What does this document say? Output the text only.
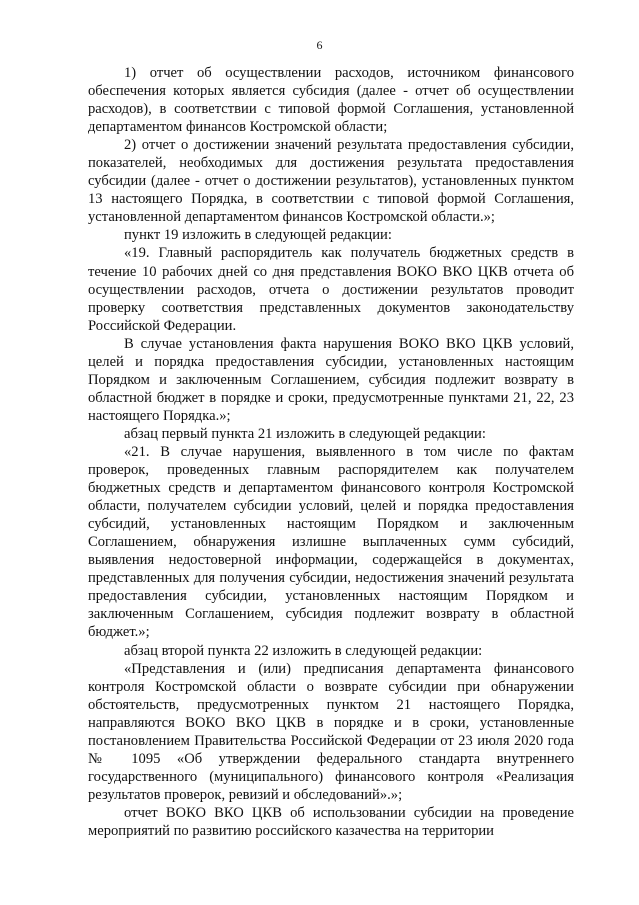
6

1) отчет об осуществлении расходов, источником финансового обеспечения которых является субсидия (далее - отчет об осуществлении расходов), в соответствии с типовой формой Соглашения, установленной департаментом финансов Костромской области;

2) отчет о достижении значений результата предоставления субсидии, показателей, необходимых для достижения результата предоставления субсидии (далее - отчет о достижении результатов), установленных пунктом 13 настоящего Порядка, в соответствии с типовой формой Соглашения, установленной департаментом финансов Костромской области.»;

пункт 19 изложить в следующей редакции:

«19. Главный распорядитель как получатель бюджетных средств в течение 10 рабочих дней со дня представления ВОКО ВКО ЦКВ отчета об осуществлении расходов, отчета о достижении результатов проводит проверку соответствия представленных документов законодательству Российской Федерации.

В случае установления факта нарушения ВОКО ВКО ЦКВ условий, целей и порядка предоставления субсидии, установленных настоящим Порядком и заключенным Соглашением, субсидия подлежит возврату в областной бюджет в порядке и сроки, предусмотренные пунктами 21, 22, 23 настоящего Порядка.»;

абзац первый пункта 21 изложить в следующей редакции:

«21. В случае нарушения, выявленного в том числе по фактам проверок, проведенных главным распорядителем как получателем бюджетных средств и департаментом финансового контроля Костромской области, получателем субсидии условий, целей и порядка предоставления субсидий, установленных настоящим Порядком и заключенным Соглашением, обнаружения излишне выплаченных сумм субсидий, выявления недостоверной информации, содержащейся в документах, представленных для получения субсидии, недостижения значений результата предоставления субсидии, установленных настоящим Порядком и заключенным Соглашением, субсидия подлежит возврату в областной бюджет.»;

абзац второй пункта 22 изложить в следующей редакции:

«Представления и (или) предписания департамента финансового контроля Костромской области о возврате субсидии при обнаружении обстоятельств, предусмотренных пунктом 21 настоящего Порядка, направляются ВОКО ВКО ЦКВ в порядке и в сроки, установленные постановлением Правительства Российской Федерации от 23 июля 2020 года № 1095 «Об утверждении федерального стандарта внутреннего государственного (муниципального) финансового контроля «Реализация результатов проверок, ревизий и обследований».»;

отчет ВОКО ВКО ЦКВ об использовании субсидии на проведение мероприятий по развитию российского казачества на территории
